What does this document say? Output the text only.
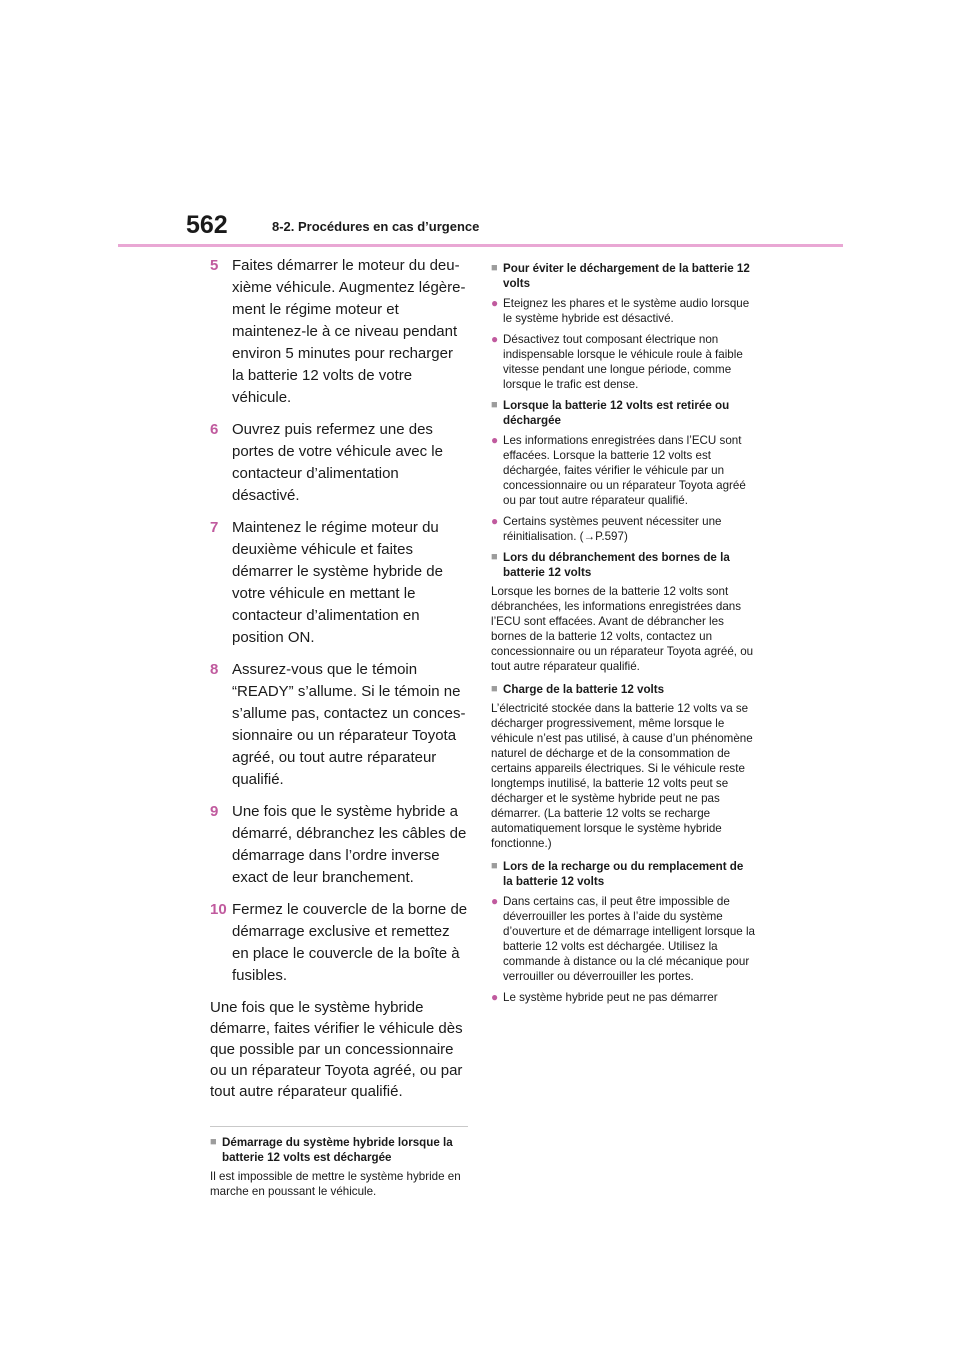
562	8-2. Procédures en cas d’urgence
5 Faites démarrer le moteur du deuxième véhicule. Augmentez légèrement le régime moteur et maintenez-le à ce niveau pendant environ 5 minutes pour recharger la batterie 12 volts de votre véhicule.
6 Ouvrez puis refermez une des portes de votre véhicule avec le contacteur d’alimentation désactivé.
7 Maintenez le régime moteur du deuxième véhicule et faites démarrer le système hybride de votre véhicule en mettant le contacteur d’alimentation en position ON.
8 Assurez-vous que le témoin “READY” s’allume. Si le témoin ne s’allume pas, contactez un concessionnaire ou un réparateur Toyota agréé, ou tout autre réparateur qualifié.
9 Une fois que le système hybride a démarré, débranchez les câbles de démarrage dans l’ordre inverse exact de leur branchement.
10 Fermez le couvercle de la borne de démarrage exclusive et remettez en place le couvercle de la boîte à fusibles.
Une fois que le système hybride démarre, faites vérifier le véhicule dès que possible par un concessionnaire ou un réparateur Toyota agréé, ou par tout autre réparateur qualifié.
■ Démarrage du système hybride lorsque la batterie 12 volts est déchargée
Il est impossible de mettre le système hybride en marche en poussant le véhicule.
■ Pour éviter le déchargement de la batterie 12 volts
● Eteignez les phares et le système audio lorsque le système hybride est désactivé.
● Désactivez tout composant électrique non indispensable lorsque le véhicule roule à faible vitesse pendant une longue période, comme lorsque le trafic est dense.
■ Lorsque la batterie 12 volts est retirée ou déchargée
● Les informations enregistrées dans l’ECU sont effacées. Lorsque la batterie 12 volts est déchargée, faites vérifier le véhicule par un concessionnaire ou un réparateur Toyota agréé ou par tout autre réparateur qualifié.
● Certains systèmes peuvent nécessiter une réinitialisation. (→P.597)
■ Lors du débranchement des bornes de la batterie 12 volts
Lorsque les bornes de la batterie 12 volts sont débranchées, les informations enregistrées dans l’ECU sont effacées. Avant de débrancher les bornes de la batterie 12 volts, contactez un concessionnaire ou un réparateur Toyota agréé, ou tout autre réparateur qualifié.
■ Charge de la batterie 12 volts
L’électricité stockée dans la batterie 12 volts va se décharger progressivement, même lorsque le véhicule n’est pas utilisé, à cause d’un phénomène naturel de décharge et de la consommation de certains appareils électriques. Si le véhicule reste longtemps inutilisé, la batterie 12 volts peut se décharger et le système hybride peut ne pas démarrer. (La batterie 12 volts se recharge automatiquement lorsque le système hybride fonctionne.)
■ Lors de la recharge ou du remplacement de la batterie 12 volts
● Dans certains cas, il peut être impossible de déverrouiller les portes à l’aide du système d’ouverture et de démarrage intelligent lorsque la batterie 12 volts est déchargée. Utilisez la commande à distance ou la clé mécanique pour verrouiller ou déverrouiller les portes.
● Le système hybride peut ne pas démarrer
